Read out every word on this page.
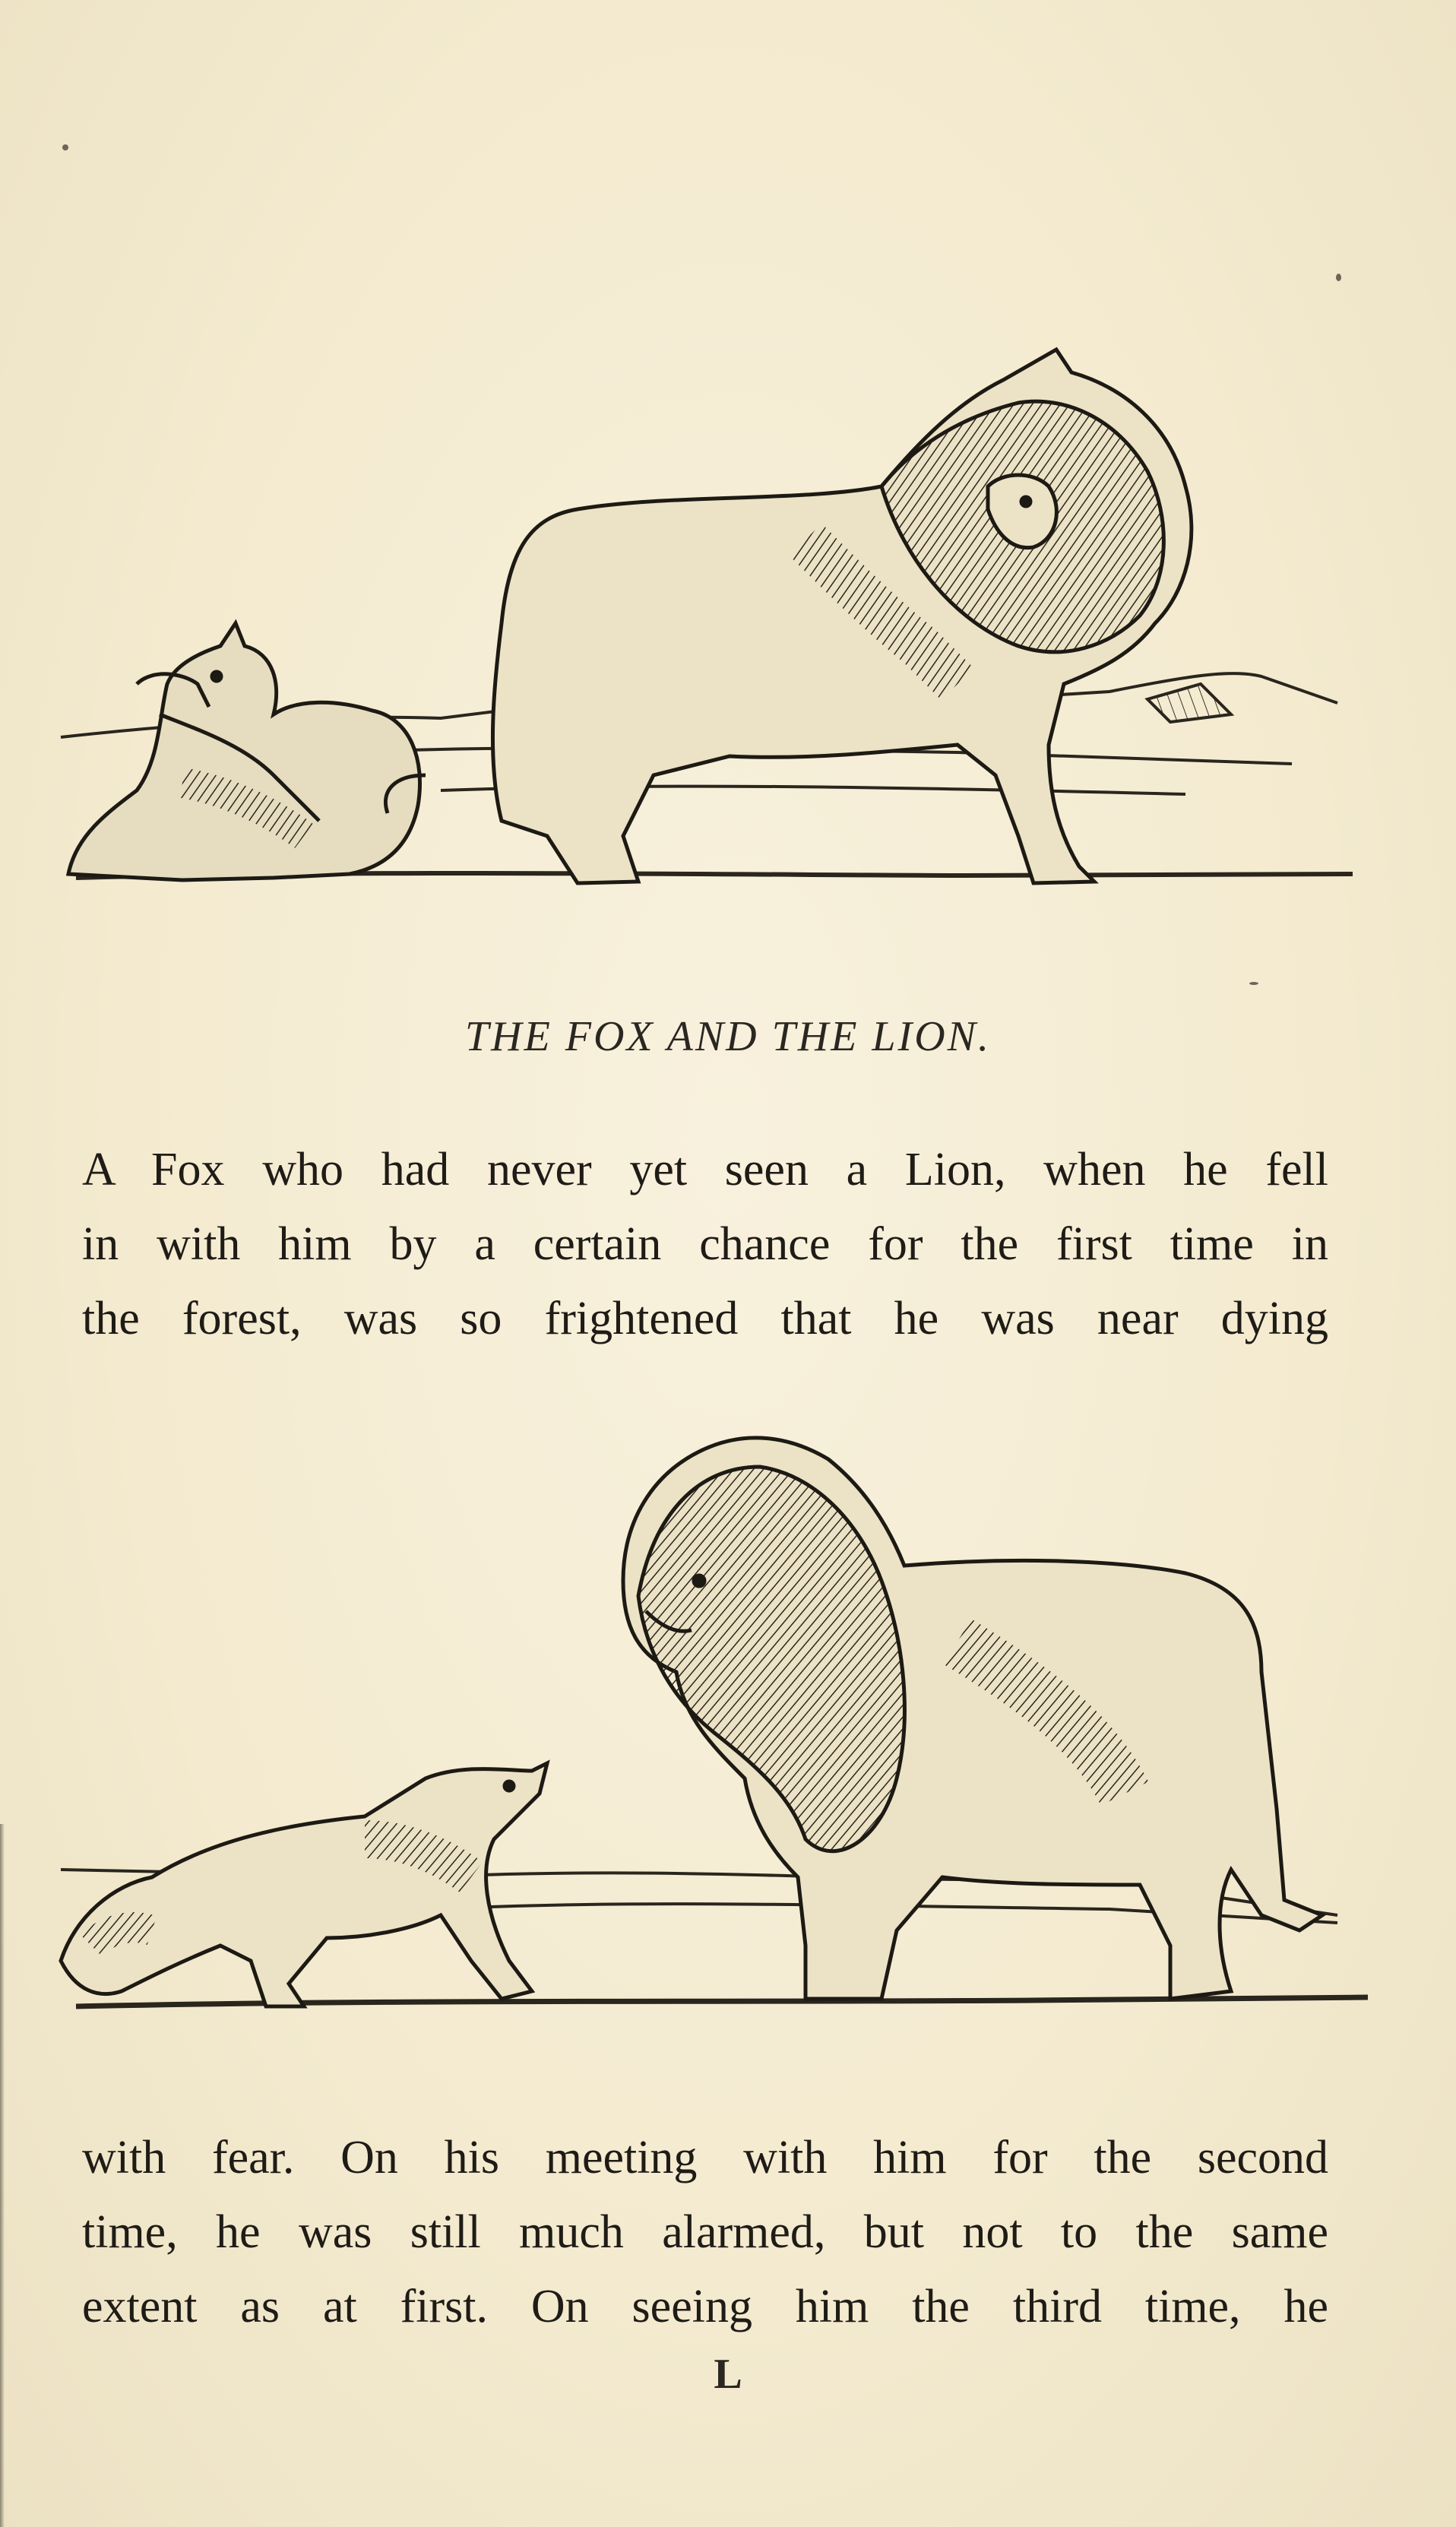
THE FOX AND THE LION.
A Fox who had never yet seen a Lion, when he fell
in with him by a certain chance for the first time in
the forest, was so frightened that he was near dying
with fear. On his meeting with him for the second
time, he was still much alarmed, but not to the same
extent as at first. On seeing him the third time, he
L
